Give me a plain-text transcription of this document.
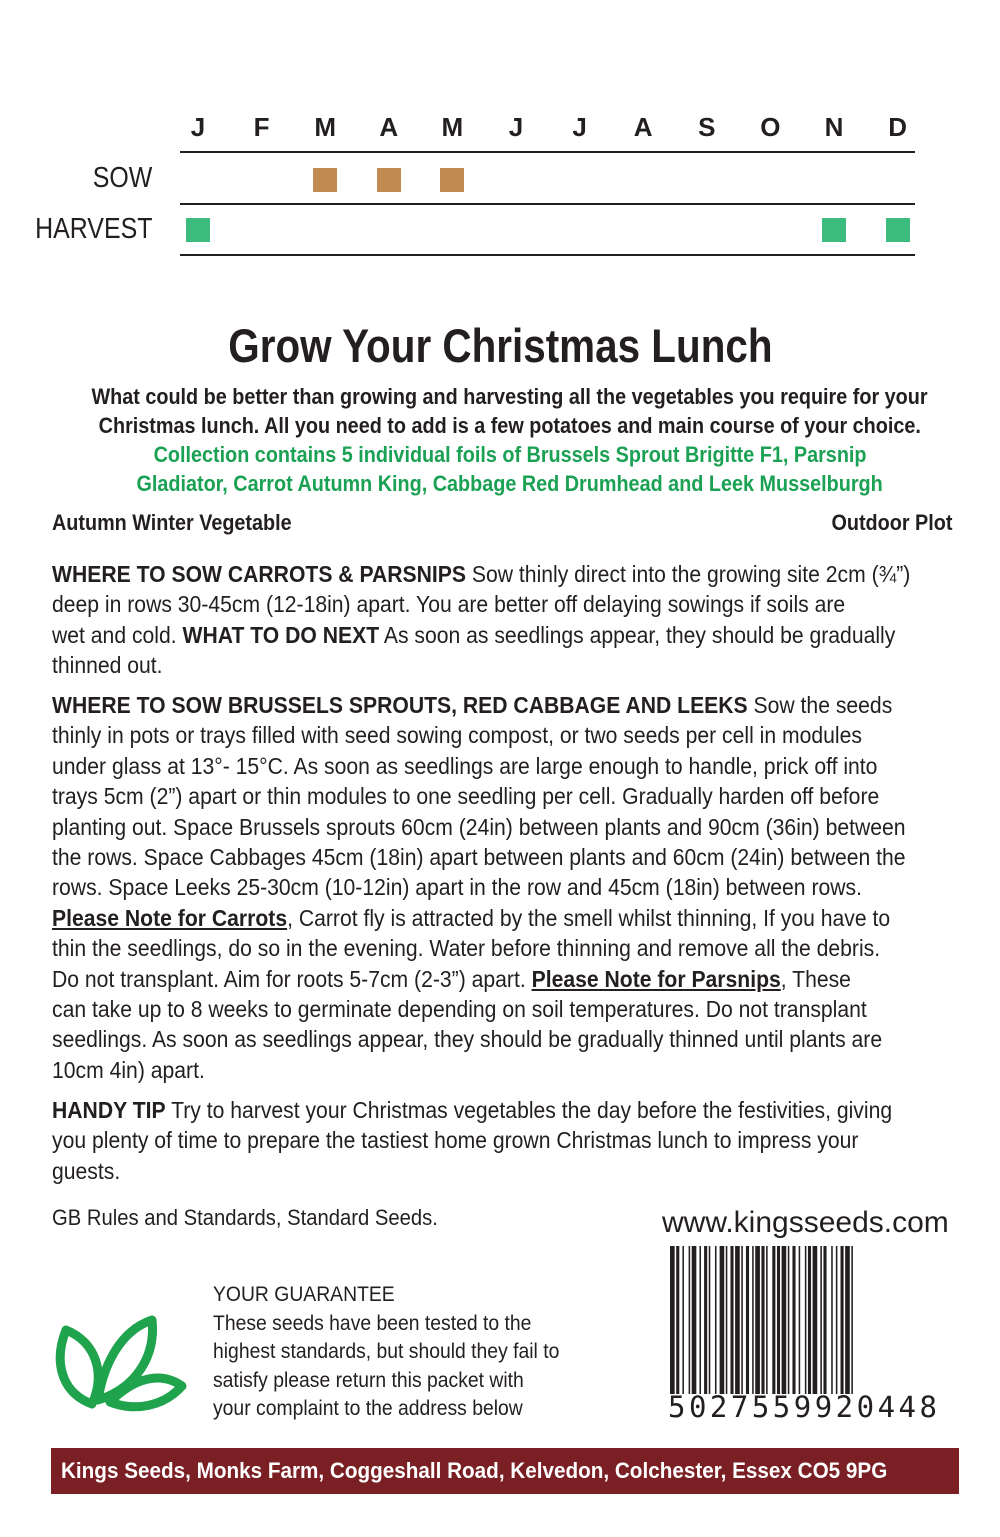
J	F	M	A	M	J	J	A	S	O	N	D
SOW
HARVEST
Grow Your Christmas Lunch
What could be better than growing and harvesting all the vegetables you require for your
Christmas lunch. All you need to add is a few potatoes and main course of your choice.
Collection contains 5 individual foils of Brussels Sprout Brigitte F1, Parsnip
Gladiator, Carrot Autumn King, Cabbage Red Drumhead and Leek Musselburgh
Autumn Winter Vegetable	Outdoor Plot
WHERE TO SOW CARROTS & PARSNIPS Sow thinly direct into the growing site 2cm (¾”)
deep in rows 30-45cm (12-18in) apart. You are better off delaying sowings if soils are
wet and cold. WHAT TO DO NEXT As soon as seedlings appear, they should be gradually
thinned out.
WHERE TO SOW BRUSSELS SPROUTS, RED CABBAGE AND LEEKS Sow the seeds
thinly in pots or trays filled with seed sowing compost, or two seeds per cell in modules
under glass at 13°- 15°C. As soon as seedlings are large enough to handle, prick off into
trays 5cm (2”) apart or thin modules to one seedling per cell. Gradually harden off before
planting out. Space Brussels sprouts 60cm (24in) between plants and 90cm (36in) between
the rows. Space Cabbages 45cm (18in) apart between plants and 60cm (24in) between the
rows. Space Leeks 25-30cm (10-12in) apart in the row and 45cm (18in) between rows.
Please Note for Carrots, Carrot fly is attracted by the smell whilst thinning, If you have to
thin the seedlings, do so in the evening. Water before thinning and remove all the debris.
Do not transplant. Aim for roots 5-7cm (2-3”) apart. Please Note for Parsnips, These
can take up to 8 weeks to germinate depending on soil temperatures. Do not transplant
seedlings. As soon as seedlings appear, they should be gradually thinned until plants are
10cm 4in) apart.
HANDY TIP Try to harvest your Christmas vegetables the day before the festivities, giving
you plenty of time to prepare the tastiest home grown Christmas lunch to impress your
guests.
GB Rules and Standards, Standard Seeds.
YOUR GUARANTEE
These seeds have been tested to the
highest standards, but should they fail to
satisfy please return this packet with
your complaint to the address below
www.kingsseeds.com
5027559920448
Kings Seeds, Monks Farm, Coggeshall Road, Kelvedon, Colchester, Essex CO5 9PG
